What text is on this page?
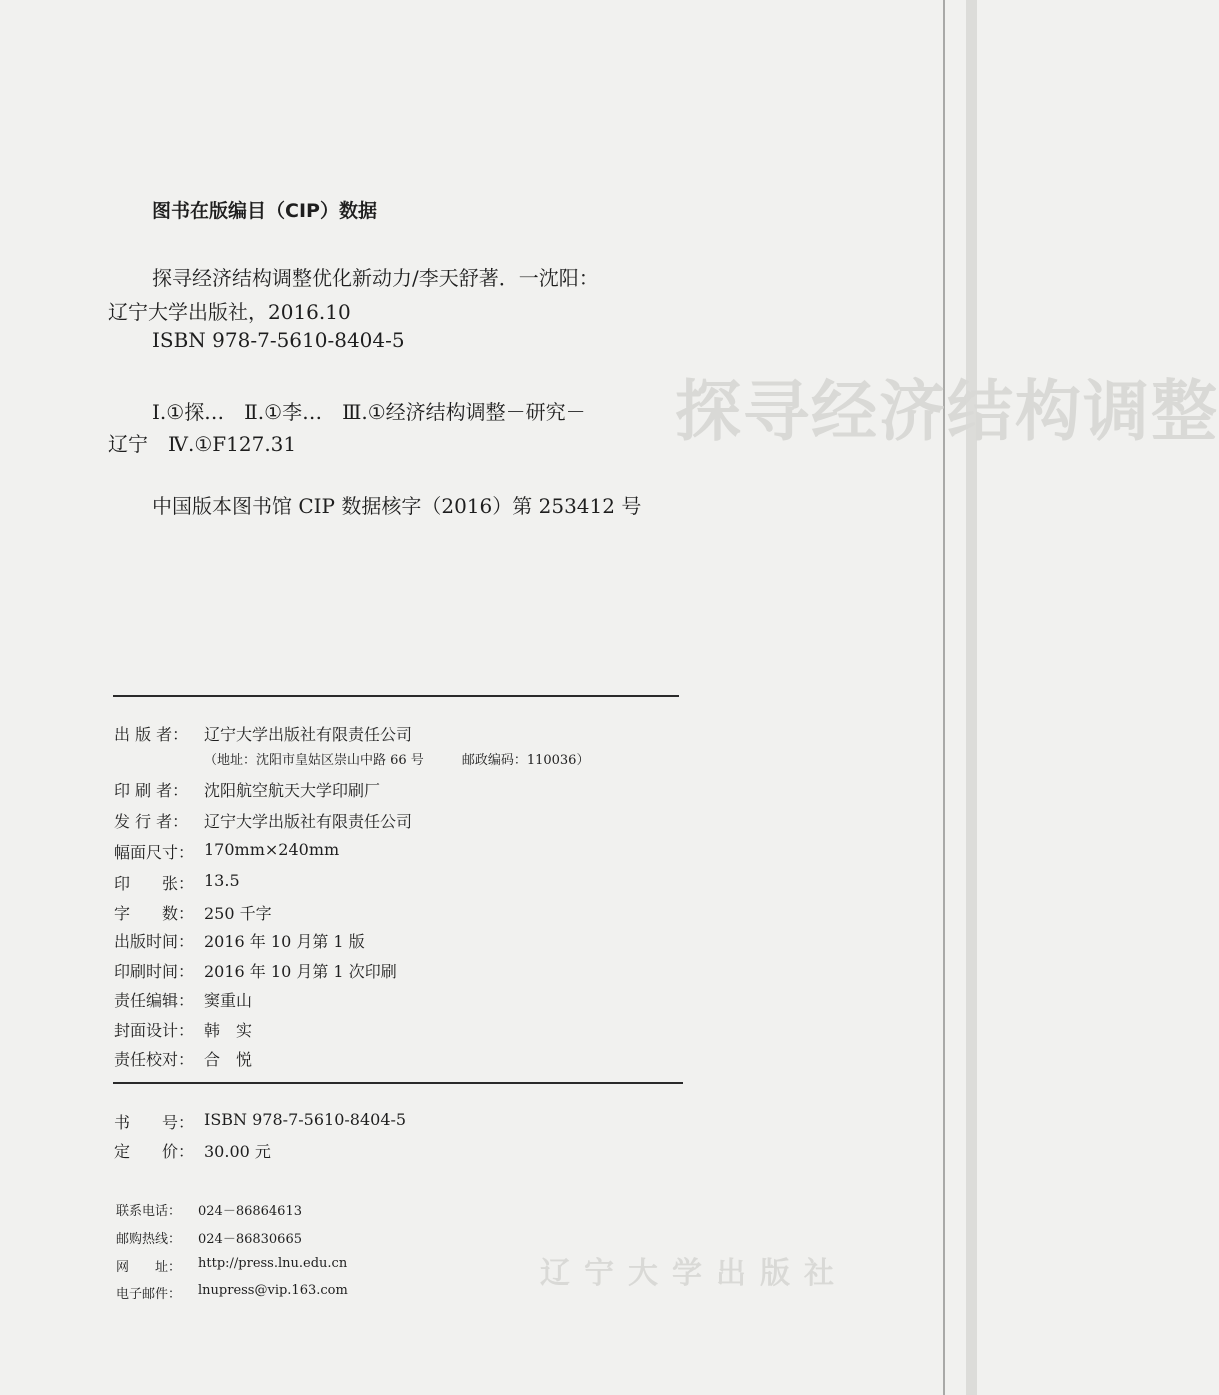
探寻经济结构调整
辽宁大学出版社
图书在版编目（CIP）数据
探寻经济结构调整优化新动力/李天舒著．一沈阳：
辽宁大学出版社，2016.10
ISBN 978-7-5610-8404-5
Ⅰ.①探…　Ⅱ.①李…　Ⅲ.①经济结构调整－研究－
辽宁　Ⅳ.①F127.31
中国版本图书馆 CIP 数据核字（2016）第 253412 号
出 版 者： 辽宁大学出版社有限责任公司
（地址：沈阳市皇姑区崇山中路 66 号	邮政编码：110036）
印 刷 者： 沈阳航空航天大学印刷厂
发 行 者： 辽宁大学出版社有限责任公司
幅面尺寸： 170mm×240mm
印　　张： 13.5
字　　数： 250 千字
出版时间： 2016 年 10 月第 1 版
印刷时间： 2016 年 10 月第 1 次印刷
责任编辑： 窦重山
封面设计： 韩　实
责任校对： 合　悦
书　　号： ISBN 978-7-5610-8404-5
定　　价： 30.00 元
联系电话：	024－86864613
邮购热线：	024－86830665
网　　址：	http://press.lnu.edu.cn
电子邮件：	lnupress@vip.163.com
